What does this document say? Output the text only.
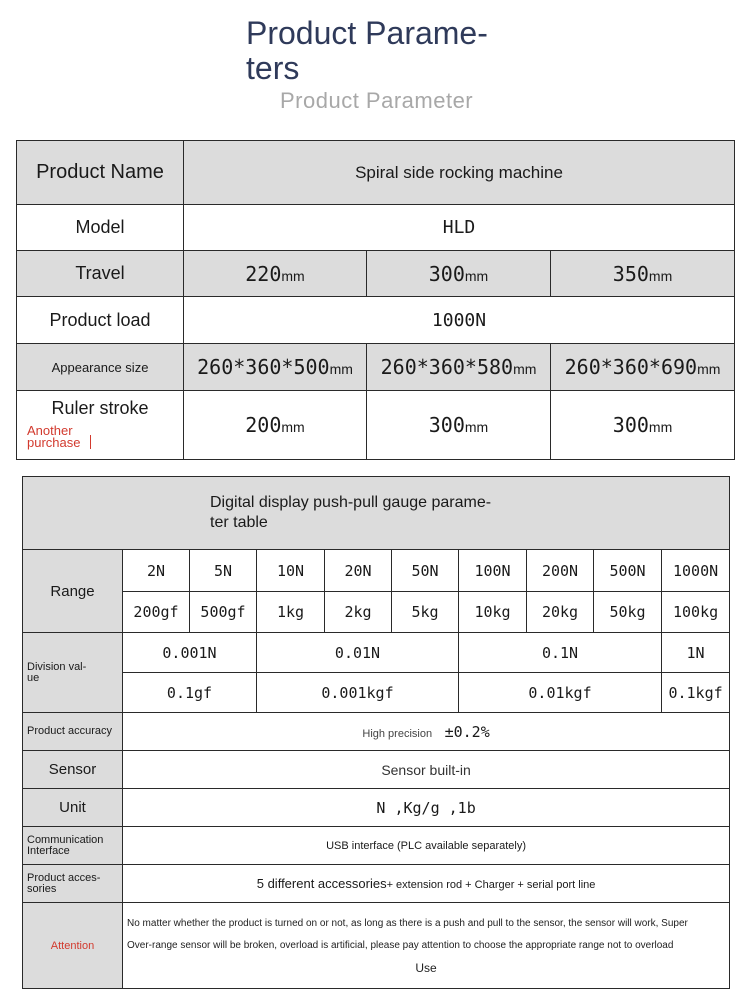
Product Parame-
ters
Product Parameter
Product Name	Spiral side rocking machine		
Model	HLD		
Travel	220mm	300mm	350mm
Product load	1000N		
Appearance size	260*360*500mm	260*360*580mm	260*360*690mm

Ruler stroke
Another
purchase	200mm	300mm	300mm
Digital display push-pull gauge parame-
ter table									
Range	2N	5N	10N	20N	50N	100N	200N	500N	1000N
	200gf	500gf	1kg	2kg	5kg	10kg	20kg	50kg	100kg
Division val-
ue	0.001N		0.01N			0.1N			1N
	0.1gf		0.001kgf			0.01kgf			0.1kgf
Product accuracy	High precision ±0.2%								
Sensor	Sensor built-in								
Unit	N ,Kg/g ,1b								
Communication
Interface	USB interface (PLC available separately)								
Product acces-
sories	5 different accessories+ extension rod + Charger + serial port line								
Attention	No matter whether the product is turned on or not, as long as there is a push and pull to the sensor, the sensor will work, Super
Over-range sensor will be broken, overload is artificial, please pay attention to choose the appropriate range not to overload
Use								
